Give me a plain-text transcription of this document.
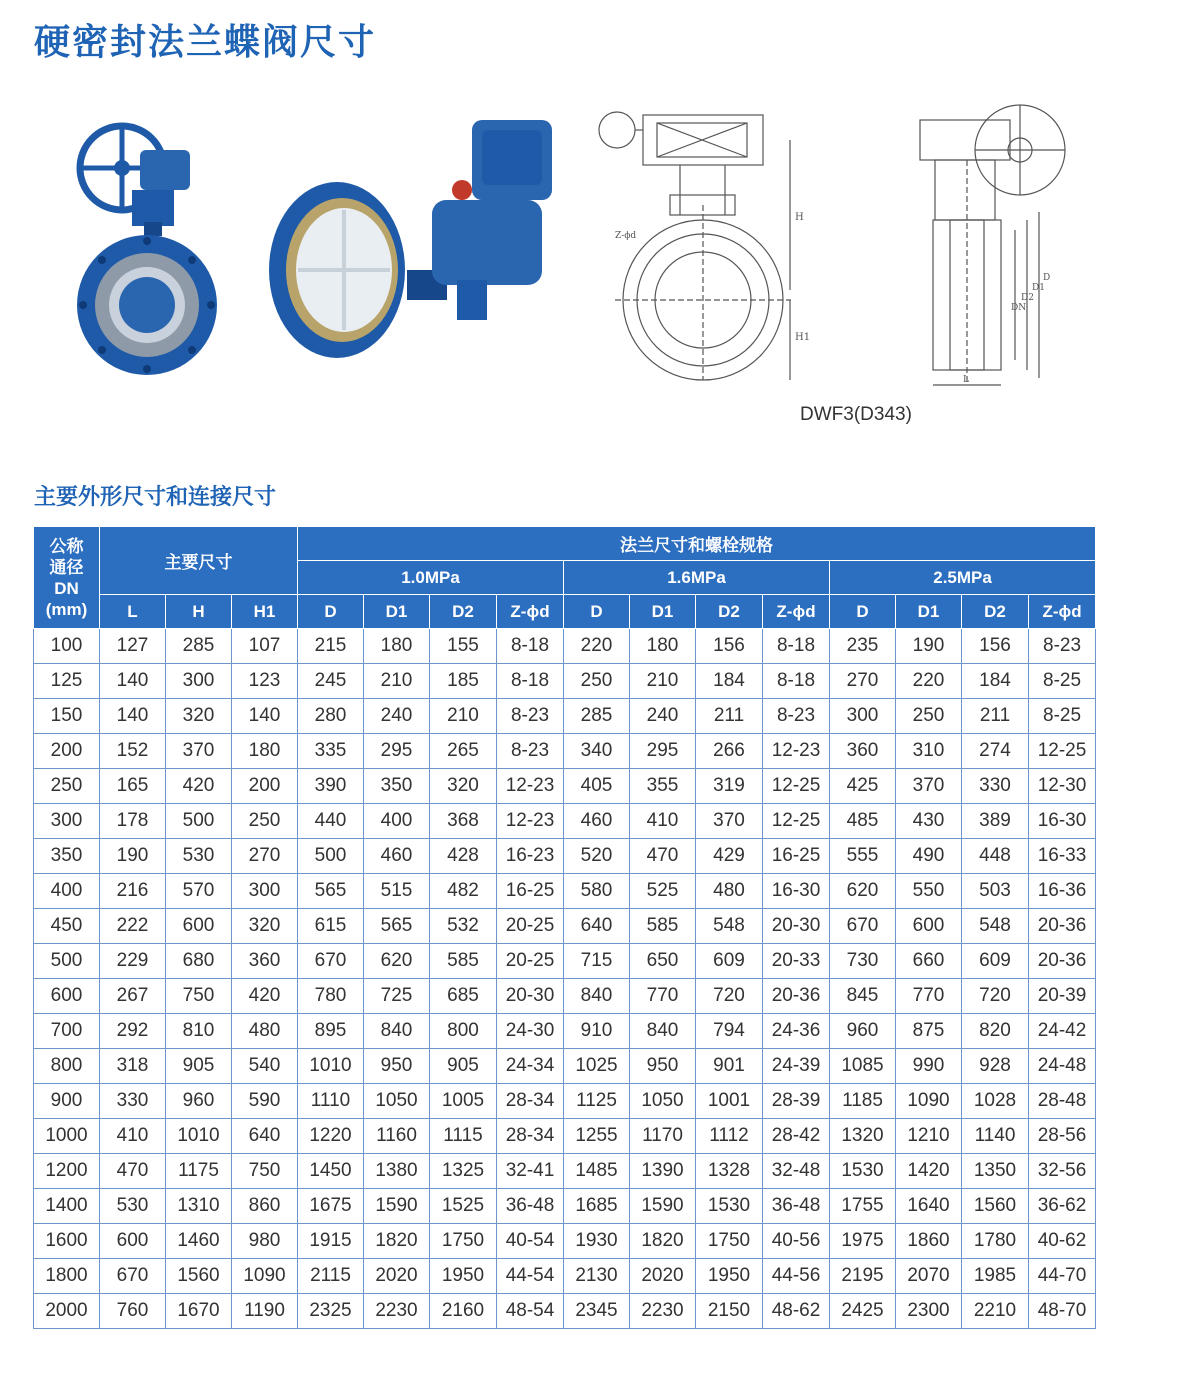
硬密封法兰蝶阀尺寸
Z-ϕd
H
H1
DN
D2
D1
D
L
DWF3(D343)
主要外形尺寸和连接尺寸
公称
通径
DN
(mm)	主要尺寸			法兰尺寸和螺栓规格											
				1.0MPa				1.6MPa				2.5MPa			
	L	H	H1	D	D1	D2	Z-ϕd	D	D1	D2	Z-ϕd	D	D1	D2	Z-ϕd
100	127	285	107	215	180	155	8-18	220	180	156	8-18	235	190	156	8-23
125	140	300	123	245	210	185	8-18	250	210	184	8-18	270	220	184	8-25
150	140	320	140	280	240	210	8-23	285	240	211	8-23	300	250	211	8-25
200	152	370	180	335	295	265	8-23	340	295	266	12-23	360	310	274	12-25
250	165	420	200	390	350	320	12-23	405	355	319	12-25	425	370	330	12-30
300	178	500	250	440	400	368	12-23	460	410	370	12-25	485	430	389	16-30
350	190	530	270	500	460	428	16-23	520	470	429	16-25	555	490	448	16-33
400	216	570	300	565	515	482	16-25	580	525	480	16-30	620	550	503	16-36
450	222	600	320	615	565	532	20-25	640	585	548	20-30	670	600	548	20-36
500	229	680	360	670	620	585	20-25	715	650	609	20-33	730	660	609	20-36
600	267	750	420	780	725	685	20-30	840	770	720	20-36	845	770	720	20-39
700	292	810	480	895	840	800	24-30	910	840	794	24-36	960	875	820	24-42
800	318	905	540	1010	950	905	24-34	1025	950	901	24-39	1085	990	928	24-48
900	330	960	590	1110	1050	1005	28-34	1125	1050	1001	28-39	1185	1090	1028	28-48
1000	410	1010	640	1220	1160	1115	28-34	1255	1170	1112	28-42	1320	1210	1140	28-56
1200	470	1175	750	1450	1380	1325	32-41	1485	1390	1328	32-48	1530	1420	1350	32-56
1400	530	1310	860	1675	1590	1525	36-48	1685	1590	1530	36-48	1755	1640	1560	36-62
1600	600	1460	980	1915	1820	1750	40-54	1930	1820	1750	40-56	1975	1860	1780	40-62
1800	670	1560	1090	2115	2020	1950	44-54	2130	2020	1950	44-56	2195	2070	1985	44-70
2000	760	1670	1190	2325	2230	2160	48-54	2345	2230	2150	48-62	2425	2300	2210	48-70
